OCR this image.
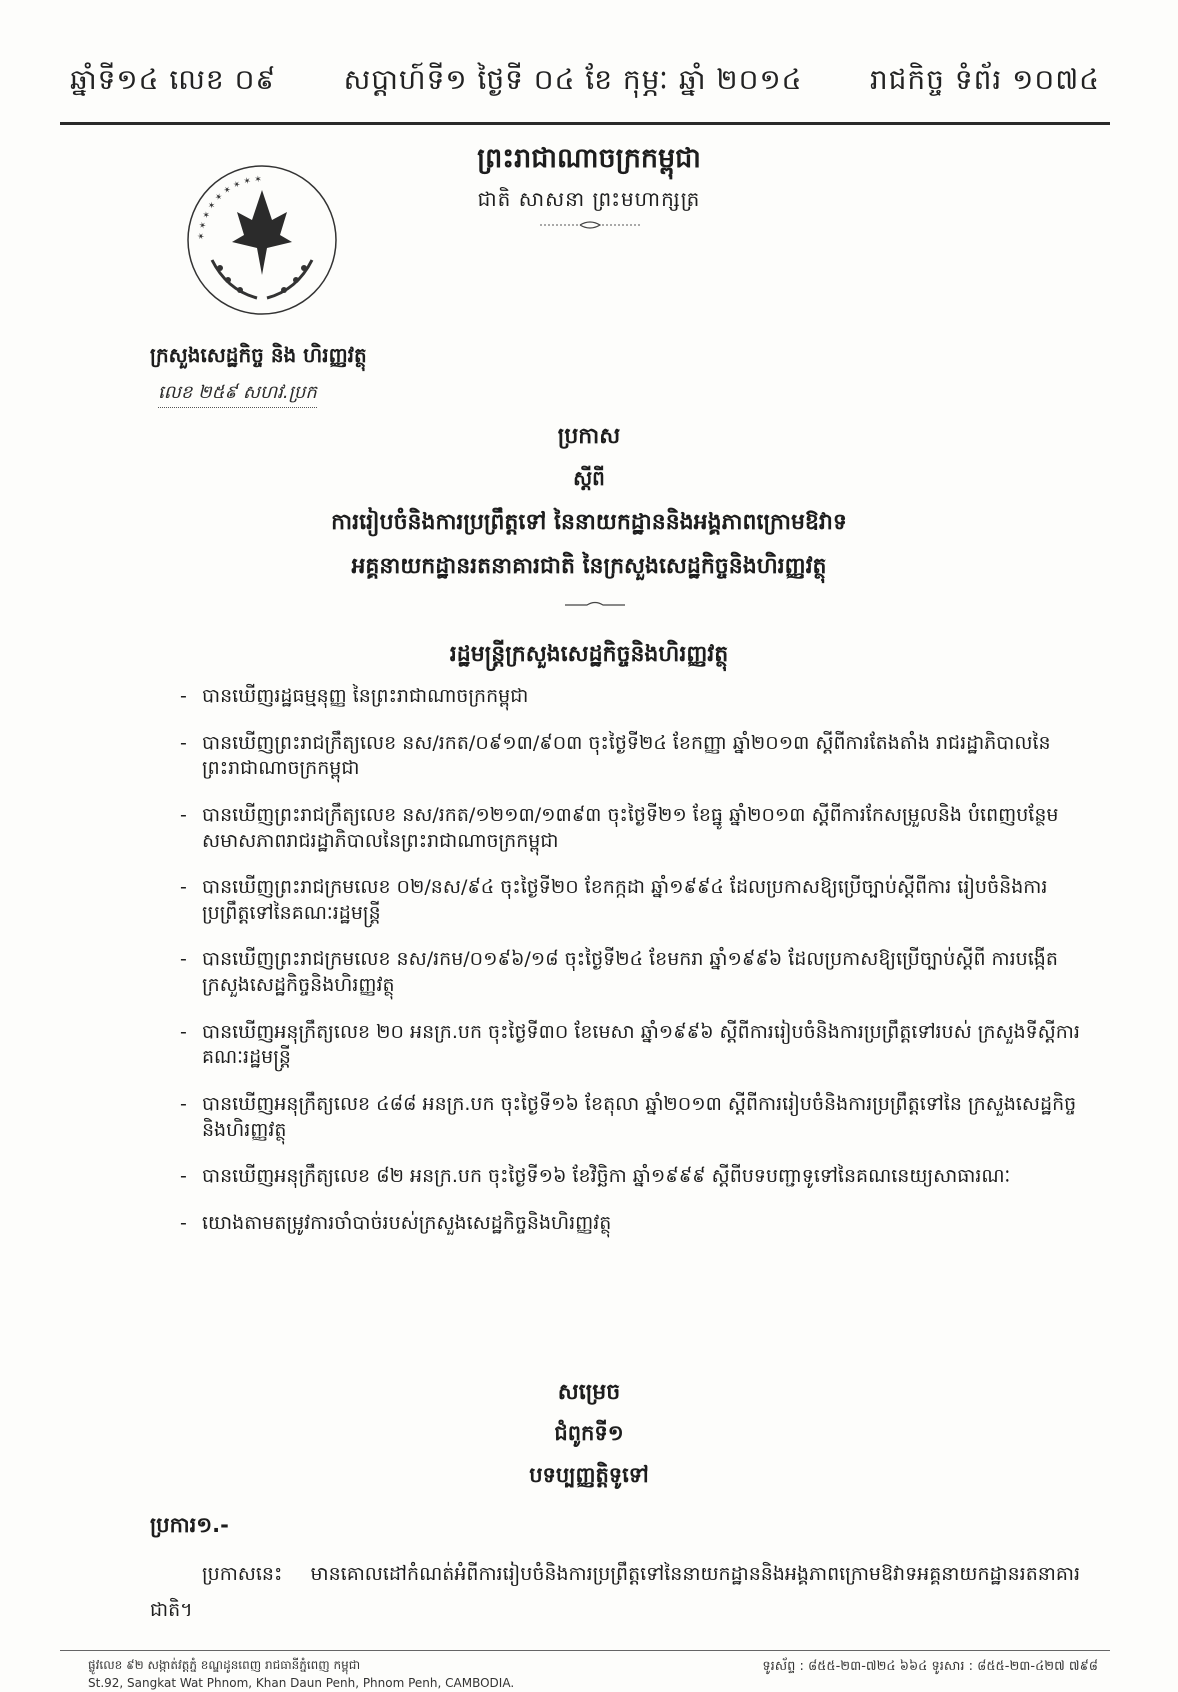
ឆ្នាំទី១៤ លេខ ០៩ សប្ដាហ៍ទី១ ថ្ងៃទី ០៤ ខែ កុម្ភៈ ឆ្នាំ ២០១៤ រាជកិច្ច ទំព័រ ១០៧៤
ព្រះរាជាណាចក្រកម្ពុជា
ជាតិ សាសនា ព្រះមហាក្សត្រ
✶ ✶ ✶ ✶ ✶ ✶ ✶ ✶ ✶
ក្រសួងសេដ្ឋកិច្ច និង ហិរញ្ញវត្ថុ
លេខ ២៥៩ សហវ.ប្រក
ប្រកាស
ស្ដីពី
ការរៀបចំនិងការប្រព្រឹត្តទៅ នៃនាយកដ្ឋាននិងអង្គភាពក្រោមឱវាទ
អគ្គនាយកដ្ឋានរតនាគារជាតិ នៃក្រសួងសេដ្ឋកិច្ចនិងហិរញ្ញវត្ថុ
រដ្ឋមន្ត្រីក្រសួងសេដ្ឋកិច្ចនិងហិរញ្ញវត្ថុ
- បានឃើញរដ្ឋធម្មនុញ្ញ នៃព្រះរាជាណាចក្រកម្ពុជា
- បានឃើញព្រះរាជក្រឹត្យលេខ នស/រកត/០៩១៣/៩០៣ ចុះថ្ងៃទី២៤ ខែកញ្ញា ឆ្នាំ២០១៣ ស្ដីពីការតែងតាំង រាជរដ្ឋាភិបាលនៃព្រះរាជាណាចក្រកម្ពុជា
- បានឃើញព្រះរាជក្រឹត្យលេខ នស/រកត/១២១៣/១៣៩៣ ចុះថ្ងៃទី២១ ខែធ្នូ ឆ្នាំ២០១៣ ស្ដីពីការកែសម្រួលនិង បំពេញបន្ថែមសមាសភាពរាជរដ្ឋាភិបាលនៃព្រះរាជាណាចក្រកម្ពុជា
- បានឃើញព្រះរាជក្រមលេខ ០២/នស/៩៤ ចុះថ្ងៃទី២០ ខែកក្កដា ឆ្នាំ១៩៩៤ ដែលប្រកាសឱ្យប្រើច្បាប់ស្ដីពីការ រៀបចំនិងការប្រព្រឹត្តទៅនៃគណៈរដ្ឋមន្ត្រី
- បានឃើញព្រះរាជក្រមលេខ នស/រកម/០១៩៦/១៨ ចុះថ្ងៃទី២៤ ខែមករា ឆ្នាំ១៩៩៦ ដែលប្រកាសឱ្យប្រើច្បាប់ស្ដីពី ការបង្កើតក្រសួងសេដ្ឋកិច្ចនិងហិរញ្ញវត្ថុ
- បានឃើញអនុក្រឹត្យលេខ ២០ អនក្រ.បក ចុះថ្ងៃទី៣០ ខែមេសា ឆ្នាំ១៩៩៦ ស្ដីពីការរៀបចំនិងការប្រព្រឹត្តទៅរបស់ ក្រសួងទីស្ដីការគណៈរដ្ឋមន្ត្រី
- បានឃើញអនុក្រឹត្យលេខ ៤៨៨ អនក្រ.បក ចុះថ្ងៃទី១៦ ខែតុលា ឆ្នាំ២០១៣ ស្ដីពីការរៀបចំនិងការប្រព្រឹត្តទៅនៃ ក្រសួងសេដ្ឋកិច្ចនិងហិរញ្ញវត្ថុ
- បានឃើញអនុក្រឹត្យលេខ ៨២ អនក្រ.បក ចុះថ្ងៃទី១៦ ខែវិច្ឆិកា ឆ្នាំ១៩៩៩ ស្ដីពីបទបញ្ជាទូទៅនៃគណនេយ្យសាធារណៈ
- យោងតាមតម្រូវការចាំបាច់របស់ក្រសួងសេដ្ឋកិច្ចនិងហិរញ្ញវត្ថុ
សម្រេច
ជំពូកទី១
បទប្បញ្ញត្តិទូទៅ
ប្រការ១.-
ប្រកាសនេះ មានគោលដៅកំណត់អំពីការរៀបចំនិងការប្រព្រឹត្តទៅនៃនាយកដ្ឋាននិងអង្គភាពក្រោមឱវាទអគ្គនាយកដ្ឋានរតនាគារជាតិ។
ផ្លូវលេខ ៩២ សង្កាត់វត្តភ្នំ ខណ្ឌដូនពេញ រាជធានីភ្នំពេញ កម្ពុជា
St.92, Sangkat Wat Phnom, Khan Daun Penh, Phnom Penh, CAMBODIA.
ទូរស័ព្ទ : ៨៥៥-២៣-៧២៤ ៦៦៤ ទូរសារ : ៨៥៥-២៣-៤២៧ ៧៩៨
